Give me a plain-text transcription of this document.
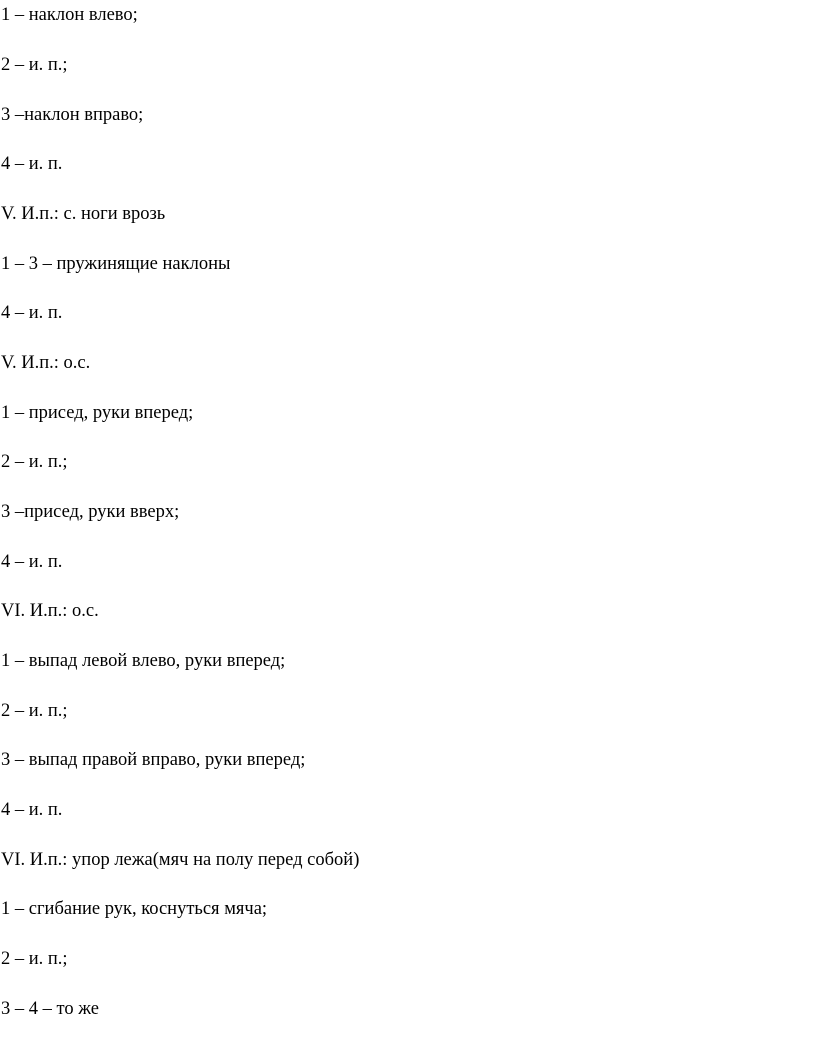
1 – наклон влево;

2 – и. п.;

3 –наклон вправо;

4 – и. п.

V. И.п.: с. ноги врозь

1 – 3 – пружинящие наклоны

4 – и. п.

V. И.п.: о.с.

1 – присед, руки вперед;

2 – и. п.;

3 –присед, руки вверх;

4 – и. п.

VI. И.п.: о.с.

1 – выпад левой влево, руки вперед;

2 – и. п.;

3 – выпад правой вправо, руки вперед;

4 – и. п.

VI. И.п.: упор лежа(мяч на полу перед собой)

1 – сгибание рук, коснуться мяча;

2 – и. п.;

3 – 4 – то же
